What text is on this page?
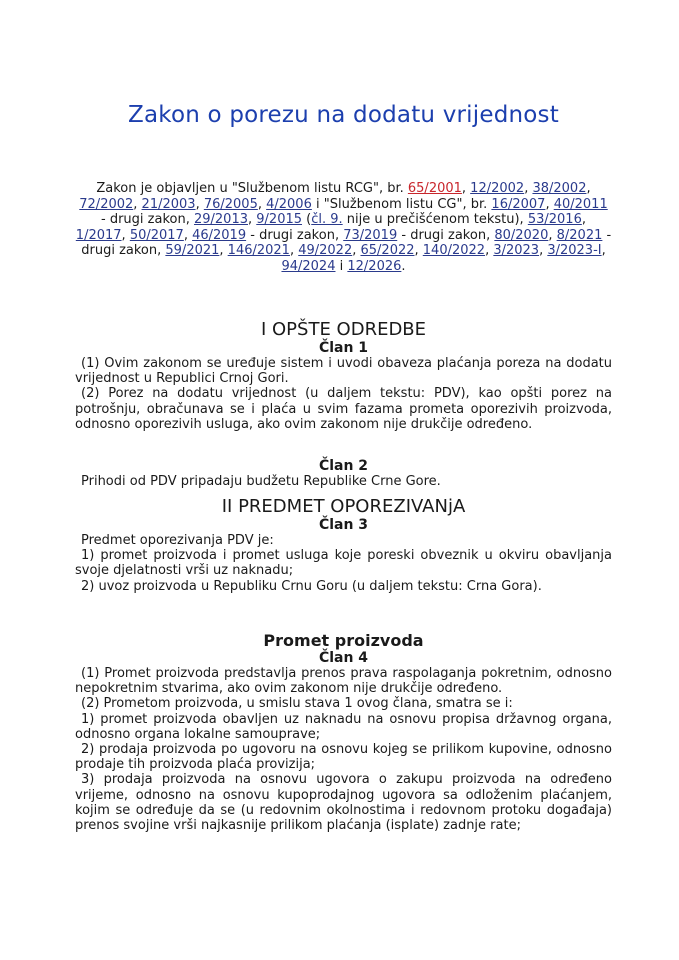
Zakon o porezu na dodatu vrijednost
Zakon je objavljen u "Službenom listu RCG", br. 65/2001, 12/2002, 38/2002, 72/2002, 21/2003, 76/2005, 4/2006 i "Službenom listu CG", br. 16/2007, 40/2011 - drugi zakon, 29/2013, 9/2015 (čl. 9. nije u prečišćenom tekstu), 53/2016, 1/2017, 50/2017, 46/2019 - drugi zakon, 73/2019 - drugi zakon, 80/2020, 8/2021 - drugi zakon, 59/2021, 146/2021, 49/2022, 65/2022, 140/2022, 3/2023, 3/2023-I, 94/2024 i 12/2026.
I OPŠTE ODREDBE
Član 1

(1) Ovim zakonom se uređuje sistem i uvodi obaveza plaćanja poreza na dodatu vrijednost u Republici Crnoj Gori.

(2) Porez na dodatu vrijednost (u daljem tekstu: PDV), kao opšti porez na potrošnju, obračunava se i plaća u svim fazama prometa oporezivih proizvoda, odnosno oporezivih usluga, ako ovim zakonom nije drukčije određeno.

Član 2

Prihodi od PDV pripadaju budžetu Republike Crne Gore.

II PREDMET OPOREZIVANjA
Član 3

Predmet oporezivanja PDV je:

1) promet proizvoda i promet usluga koje poreski obveznik u okviru obavljanja svoje djelatnosti vrši uz naknadu;

2) uvoz proizvoda u Republiku Crnu Goru (u daljem tekstu: Crna Gora).

Promet proizvoda
Član 4

(1) Promet proizvoda predstavlja prenos prava raspolaganja pokretnim, odnosno nepokretnim stvarima, ako ovim zakonom nije drukčije određeno.

(2) Prometom proizvoda, u smislu stava 1 ovog člana, smatra se i:

1) promet proizvoda obavljen uz naknadu na osnovu propisa državnog organa, odnosno organa lokalne samouprave;

2) prodaja proizvoda po ugovoru na osnovu kojeg se prilikom kupovine, odnosno prodaje tih proizvoda plaća provizija;

3) prodaja proizvoda na osnovu ugovora o zakupu proizvoda na određeno vrijeme, odnosno na osnovu kupoprodajnog ugovora sa odloženim plaćanjem, kojim se određuje da se (u redovnim okolnostima i redovnom protoku događaja) prenos svojine vrši najkasnije prilikom plaćanja (isplate) zadnje rate;
